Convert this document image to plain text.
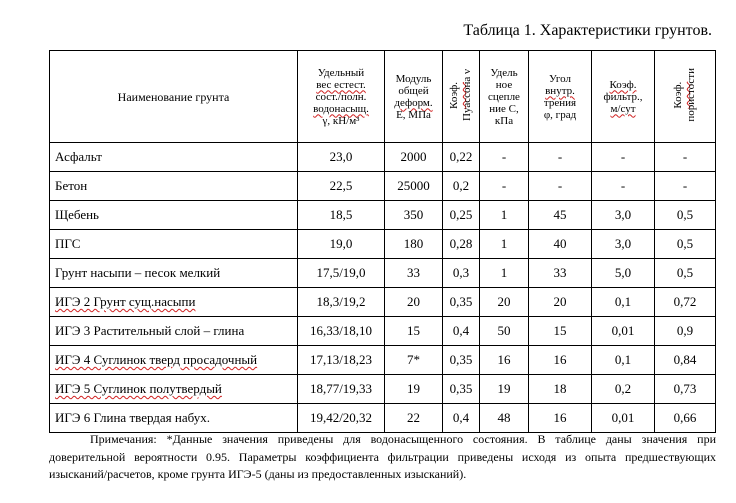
Таблица 1. Характеристики грунтов.
Наименование грунта	Удельный
вес естест.
сост./полн.
водонасыщ.
γ, кН/м³	Модуль
общей
деформ.
Е, МПа	Коэф.
Пуассона ν	Удель
ное
сцепле
ние С,
кПа	Угол
внутр.
трения
φ, град	Коэф.
фильтр.,
м/сут	Коэф.
пористости
Асфальт	23,0	2000	0,22	-	-	-	-
Бетон	22,5	25000	0,2	-	-	-	-
Щебень	18,5	350	0,25	1	45	3,0	0,5
ПГС	19,0	180	0,28	1	40	3,0	0,5
Грунт насыпи – песок мелкий	17,5/19,0	33	0,3	1	33	5,0	0,5
ИГЭ 2 Грунт сущ.насыпи	18,3/19,2	20	0,35	20	20	0,1	0,72
ИГЭ 3 Растительный слой – глина	16,33/18,10	15	0,4	50	15	0,01	0,9
ИГЭ 4 Суглинок тверд просадочный	17,13/18,23	7*	0,35	16	16	0,1	0,84
ИГЭ 5 Суглинок полутвердый	18,77/19,33	19	0,35	19	18	0,2	0,73
ИГЭ 6 Глина твердая набух.	19,42/20,32	22	0,4	48	16	0,01	0,66
Примечания: *Данные значения приведены для водонасыщенного состояния. В таблице даны значения при доверительной вероятности 0.95. Параметры коэффициента фильтрации приведены исходя из опыта предшествующих изысканий/расчетов, кроме грунта ИГЭ-5 (даны из предоставленных изысканий).
